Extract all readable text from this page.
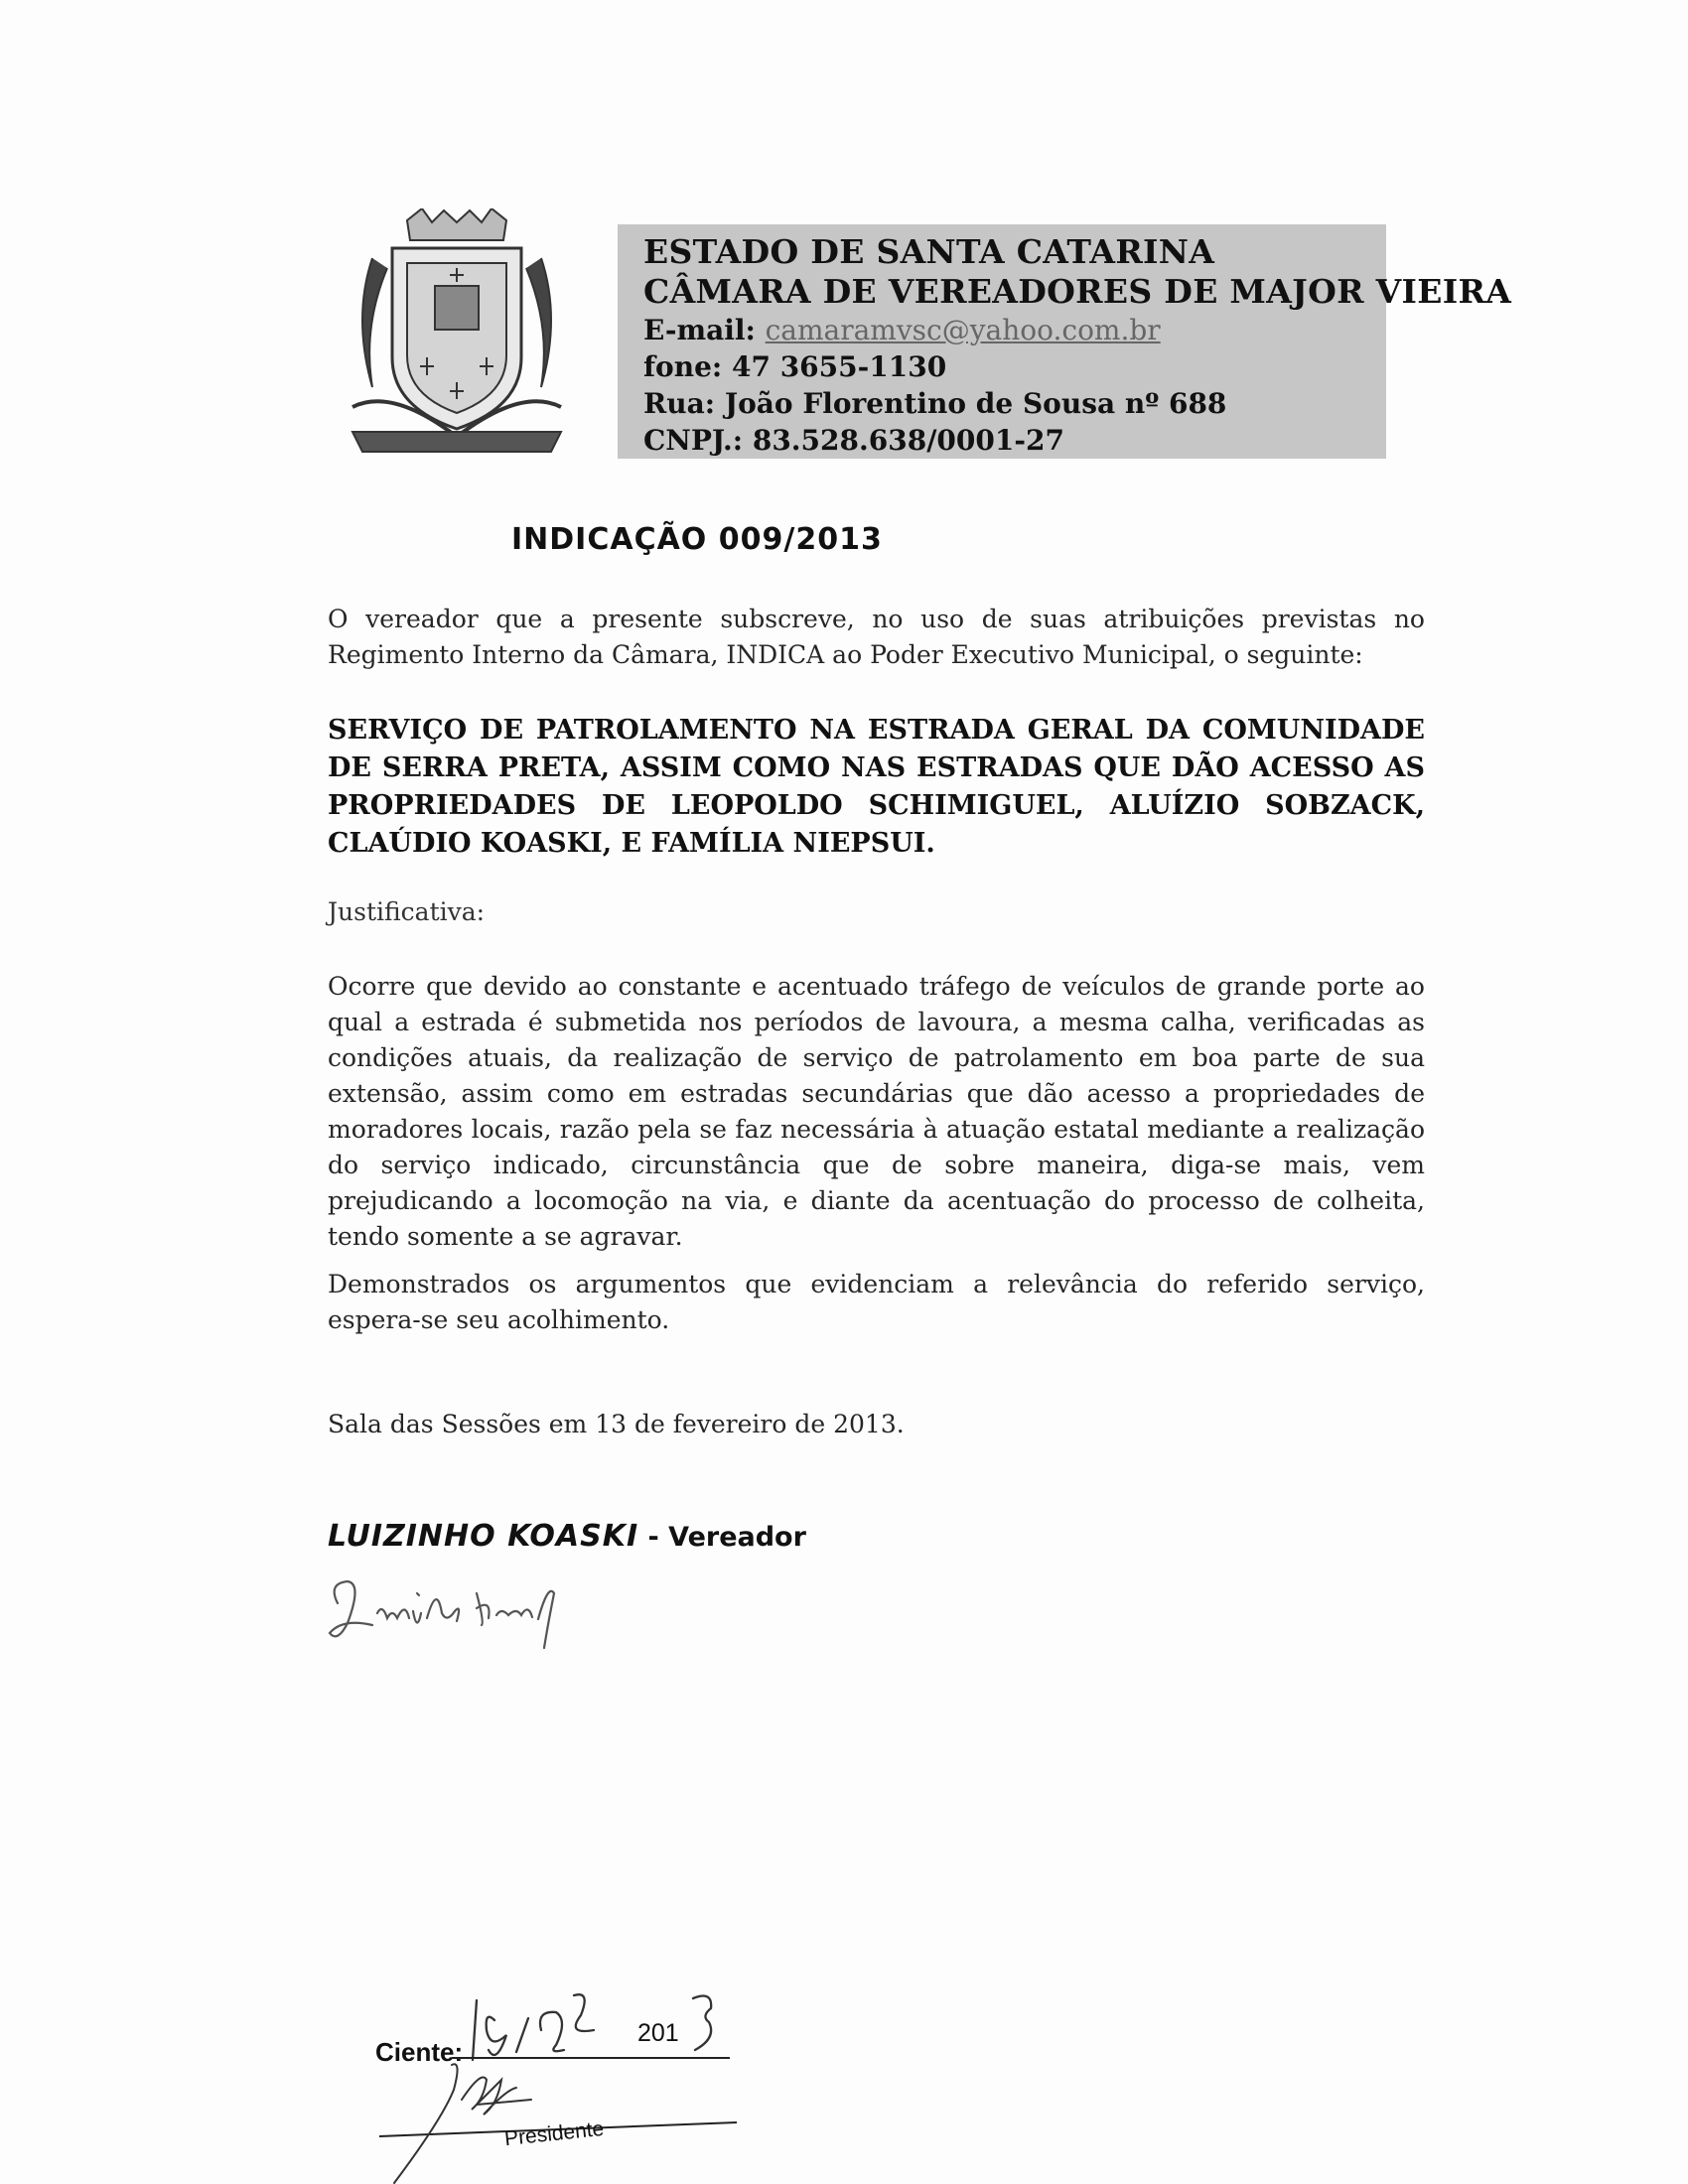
ESTADO DE SANTA CATARINA
CÂMARA DE VEREADORES DE MAJOR VIEIRA
E-mail: camaramvsc@yahoo.com.br
fone: 47 3655-1130
Rua: João Florentino de Sousa nº 688
CNPJ.: 83.528.638/0001-27
INDICAÇÃO 009/2013
O vereador que a presente subscreve, no uso de suas atribuições previstas no Regimento Interno da Câmara, INDICA ao Poder Executivo Municipal, o seguinte:
SERVIÇO DE PATROLAMENTO NA ESTRADA GERAL DA COMUNIDADE DE SERRA PRETA, ASSIM COMO NAS ESTRADAS QUE DÃO ACESSO AS PROPRIEDADES DE LEOPOLDO SCHIMIGUEL, ALUÍZIO SOBZACK, CLAÚDIO KOASKI, E FAMÍLIA NIEPSUI.
Justificativa:

Ocorre que devido ao constante e acentuado tráfego de veículos de grande porte ao qual a estrada é submetida nos períodos de lavoura, a mesma calha, verificadas as condições atuais, da realização de serviço de patrolamento em boa parte de sua extensão, assim como em estradas secundárias que dão acesso a propriedades de moradores locais, razão pela se faz necessária à atuação estatal mediante a realização do serviço indicado, circunstância que de sobre maneira, diga-se mais, vem prejudicando a locomoção na via, e diante da acentuação do processo de colheita, tendo somente a se agravar.

Demonstrados os argumentos que evidenciam a relevância do referido serviço, espera-se seu acolhimento.

Sala das Sessões em 13 de fevereiro de 2013.
LUIZINHO KOASKI - Vereador
Ciente:
201
Presidente
